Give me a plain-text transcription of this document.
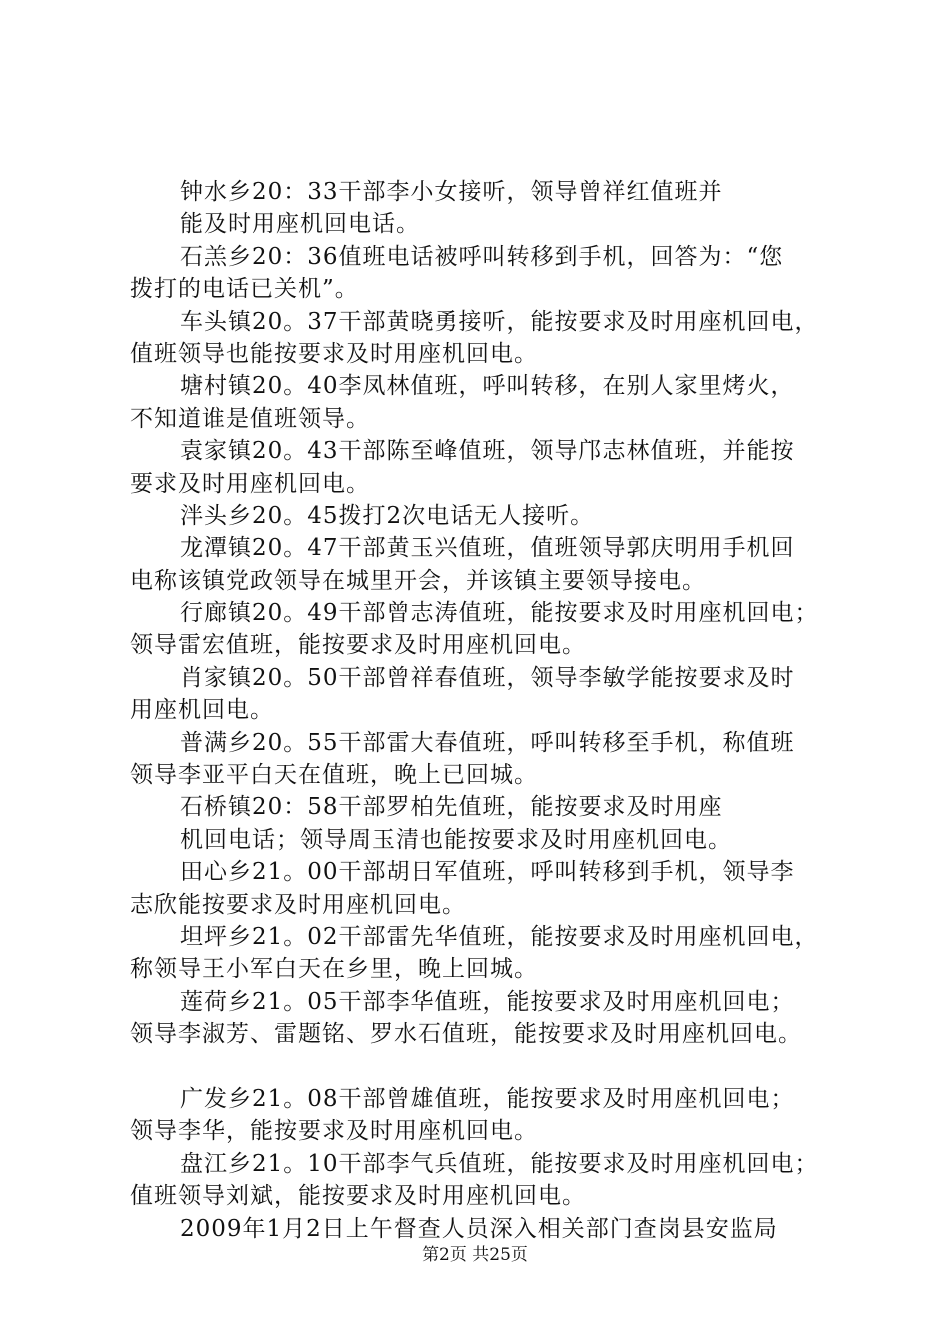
钟水乡20：33干部李小女接听，领导曾祥红值班并
能及时用座机回电话。
石羔乡20：36值班电话被呼叫转移到手机，回答为：“您
拨打的电话已关机”。
车头镇20。37干部黄晓勇接听，能按要求及时用座机回电，
值班领导也能按要求及时用座机回电。
塘村镇20。40李凤林值班，呼叫转移，在别人家里烤火，
不知道谁是值班领导。
袁家镇20。43干部陈至峰值班，领导邝志林值班，并能按
要求及时用座机回电。
泮头乡20。45拨打2次电话无人接听。
龙潭镇20。47干部黄玉兴值班，值班领导郭庆明用手机回
电称该镇党政领导在城里开会，并该镇主要领导接电。
行廊镇20。49干部曾志涛值班，能按要求及时用座机回电；
领导雷宏值班，能按要求及时用座机回电。
肖家镇20。50干部曾祥春值班，领导李敏学能按要求及时
用座机回电。
普满乡20。55干部雷大春值班，呼叫转移至手机，称值班
领导李亚平白天在值班，晚上已回城。
石桥镇20：58干部罗柏先值班，能按要求及时用座
机回电话；领导周玉清也能按要求及时用座机回电。
田心乡21。00干部胡日军值班，呼叫转移到手机，领导李
志欣能按要求及时用座机回电。
坦坪乡21。02干部雷先华值班，能按要求及时用座机回电，
称领导王小军白天在乡里，晚上回城。
莲荷乡21。05干部李华值班，能按要求及时用座机回电；
领导李淑芳、雷题铭、罗水石值班，能按要求及时用座机回电。
广发乡21。08干部曾雄值班，能按要求及时用座机回电；
领导李华，能按要求及时用座机回电。
盘江乡21。10干部李气兵值班，能按要求及时用座机回电；
值班领导刘斌，能按要求及时用座机回电。
2009年1月2日上午督查人员深入相关部门查岗县安监局
第2页 共25页
